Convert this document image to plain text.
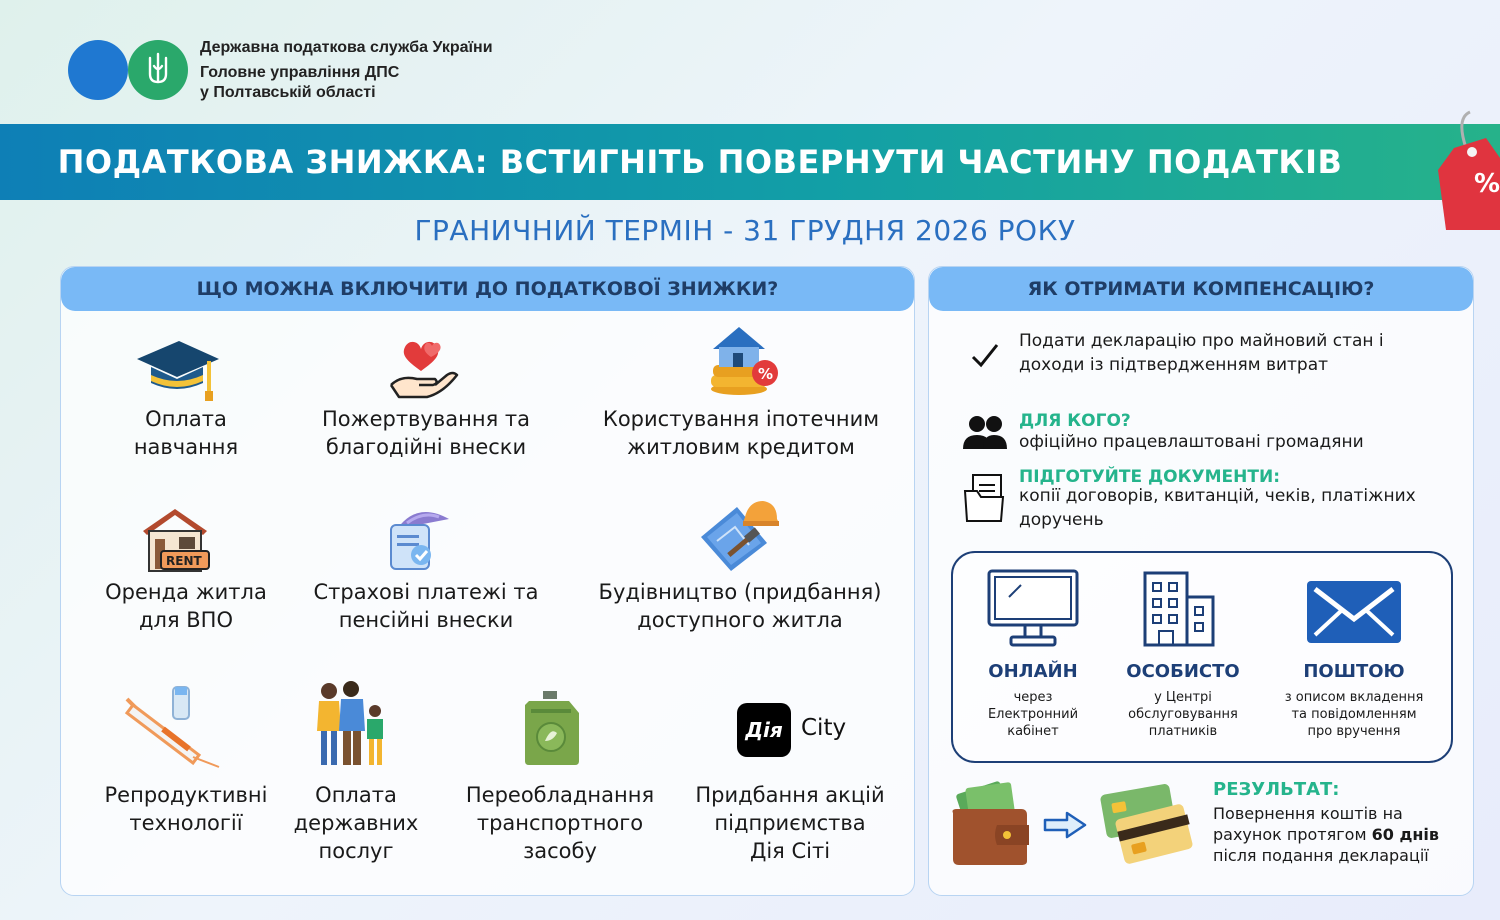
Державна податкова служба України
Головне управління ДПС
у Полтавській області
ПОДАТКОВА ЗНИЖКА: ВСТИГНІТЬ ПОВЕРНУТИ ЧАСТИНУ ПОДАТКІВ
%
ГРАНИЧНИЙ ТЕРМІН - 31 ГРУДНЯ 2026 РОКУ
ЩО МОЖНА ВКЛЮЧИТИ ДО ПОДАТКОВОЇ ЗНИЖКИ?
Оплата
навчання
Пожертвування та
благодійні внески
%
Користування іпотечним
житловим кредитом
RENT
Оренда житла
для ВПО
Страхові платежі та
пенсійні внески
Будівництво (придбання)
доступного житла
Репродуктивні
технології
Оплата
державних
послуг
Переобладнання
транспортного
засобу
Дія City
Придбання акцій
підприємства
Дія Сіті
ЯК ОТРИМАТИ КОМПЕНСАЦІЮ?
Подати декларацію про майновий стан і
доходи із підтвердженням витрат
ДЛЯ КОГО?
офіційно працевлаштовані громадяни
ПІДГОТУЙТЕ ДОКУМЕНТИ:
копії договорів, квитанцій, чеків, платіжних
доручень
ОНЛАЙН
через
Електронний
кабінет
ОСОБИСТО
у Центрі
обслуговування
платників
ПОШТОЮ
з описом вкладення
та повідомленням
про вручення
РЕЗУЛЬТАТ:
Повернення коштів на
рахунок протягом 60 днів
після подання декларації
